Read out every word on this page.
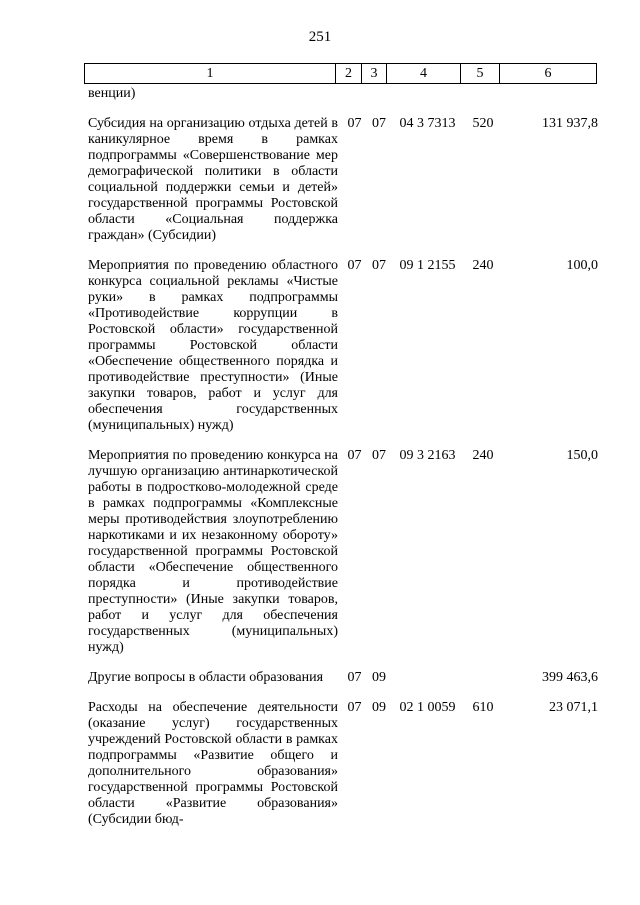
251
1	2	3	4	5	6
венции)					

Субсидия на организацию отдыха детей в каникулярное время в рамках подпрограммы «Совершенствование мер демографической политики в области социальной поддержки семьи и детей» государственной программы Ростовской области «Социальная поддержка граждан» (Субсидии)	07	07	04 3 7313	520	131 937,8

Мероприятия по проведению областного конкурса социальной рекламы «Чистые руки» в рамках подпрограммы «Противодействие коррупции в Ростовской области» государственной программы Ростовской области «Обеспечение общественного порядка и противодействие преступности» (Иные закупки товаров, работ и услуг для обеспечения государственных (муниципальных) нужд)	07	07	09 1 2155	240	100,0

Мероприятия по проведению конкурса на лучшую организацию антинаркотической работы в подростково-молодежной среде в рамках подпрограммы «Комплексные меры противодействия злоупотреблению наркотиками и их незаконному обороту» государственной программы Ростовской области «Обеспечение общественного порядка и противодействие преступности» (Иные закупки товаров, работ и услуг для обеспечения государственных (муниципальных) нужд)	07	07	09 3 2163	240	150,0

Другие вопросы в области образования	07	09			399 463,6

Расходы на обеспечение деятельности (оказание услуг) государственных учреждений Ростовской области в рамках подпрограммы «Развитие общего и дополнительного образования» государственной программы Ростовской области «Развитие образования» (Субсидии бюд-	07	09	02 1 0059	610	23 071,1
